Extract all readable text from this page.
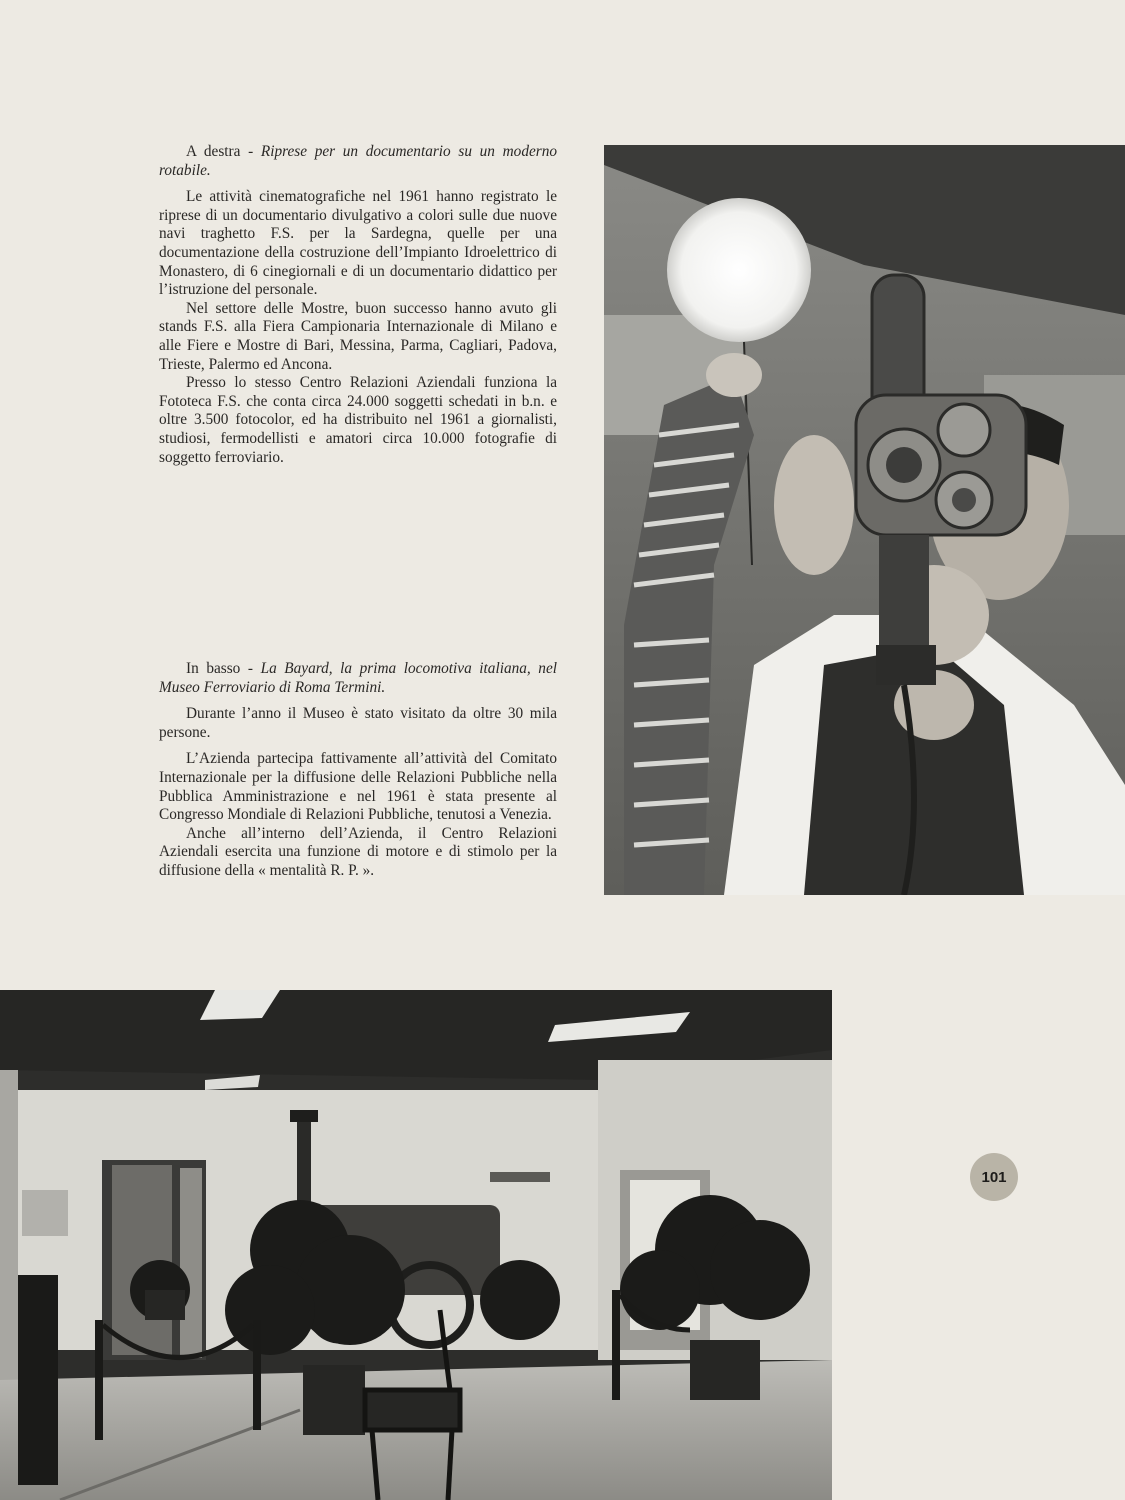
A destra - Riprese per un documentario su un moderno rotabile.

Le attività cinematografiche nel 1961 hanno registrato le riprese di un documentario divulgativo a colori sulle due nuove navi traghetto F.S. per la Sardegna, quelle per una documentazione della costruzione dell’Impianto Idroelettrico di Monastero, di 6 cinegiornali e di un documentario didattico per l’istruzione del personale.

Nel settore delle Mostre, buon successo hanno avuto gli stands F.S. alla Fiera Campionaria Internazionale di Milano e alle Fiere e Mostre di Bari, Messina, Parma, Cagliari, Padova, Trieste, Palermo ed Ancona.

Presso lo stesso Centro Relazioni Aziendali funziona la Fototeca F.S. che conta circa 24.000 soggetti schedati in b.n. e oltre 3.500 fotocolor, ed ha distribuito nel 1961 a giornalisti, studiosi, fermodellisti e amatori circa 10.000 fotografie di soggetto ferroviario.

In basso - La Bayard, la prima locomotiva italiana, nel Museo Ferroviario di Roma Termini.

Durante l’anno il Museo è stato visitato da oltre 30 mila persone.

L’Azienda partecipa fattivamente all’attività del Comitato Internazionale per la diffusione delle Relazioni Pubbliche nella Pubblica Amministrazione e nel 1961 è stata presente al Congresso Mondiale di Relazioni Pubbliche, tenutosi a Venezia.

Anche all’interno dell’Azienda, il Centro Relazioni Aziendali esercita una funzione di motore e di stimolo per la diffusione della « mentalità R. P. ».

101
